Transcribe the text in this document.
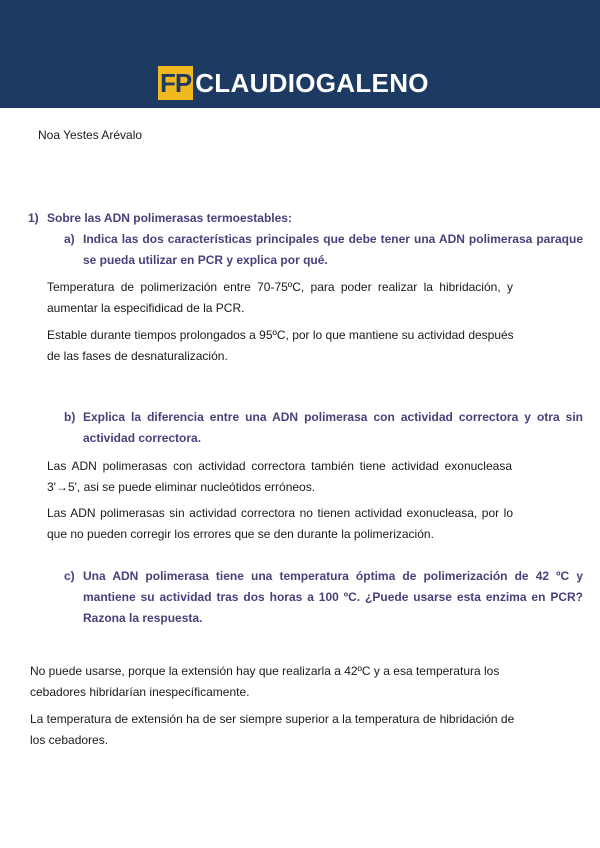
FP CLAUDIOGALENO

Noa Yestes Arévalo

1) Sobre las ADN polimerasas termoestables:

a) Indica las dos características principales que debe tener una ADN polimerasa paraque

se pueda utilizar en PCR y explica por qué.

Temperatura de polimerización entre 70-75ºC, para poder realizar la hibridación, y

aumentar la especifidicad de la PCR.

Estable durante tiempos prolongados a 95ºC, por lo que mantiene su actividad después

de las fases de desnaturalización.

b) Explica la diferencia entre una ADN polimerasa con actividad correctora y otra sin

actividad correctora.

Las ADN polimerasas con actividad correctora también tiene actividad exonucleasa

3'→5', asi se puede eliminar nucleótidos erróneos.

Las ADN polimerasas sin actividad correctora no tienen actividad exonucleasa, por lo

que no pueden corregir los errores que se den durante la polimerización.

c) Una ADN polimerasa tiene una temperatura óptima de polimerización de 42 ºC y

mantiene su actividad tras dos horas a 100 ºC. ¿Puede usarse esta enzima en PCR?

Razona la respuesta.

No puede usarse, porque la extensión hay que realizarla a 42ºC y a esa temperatura los

cebadores hibridarían inespecíficamente.

La temperatura de extensión ha de ser siempre superior a la temperatura de hibridación de

los cebadores.
